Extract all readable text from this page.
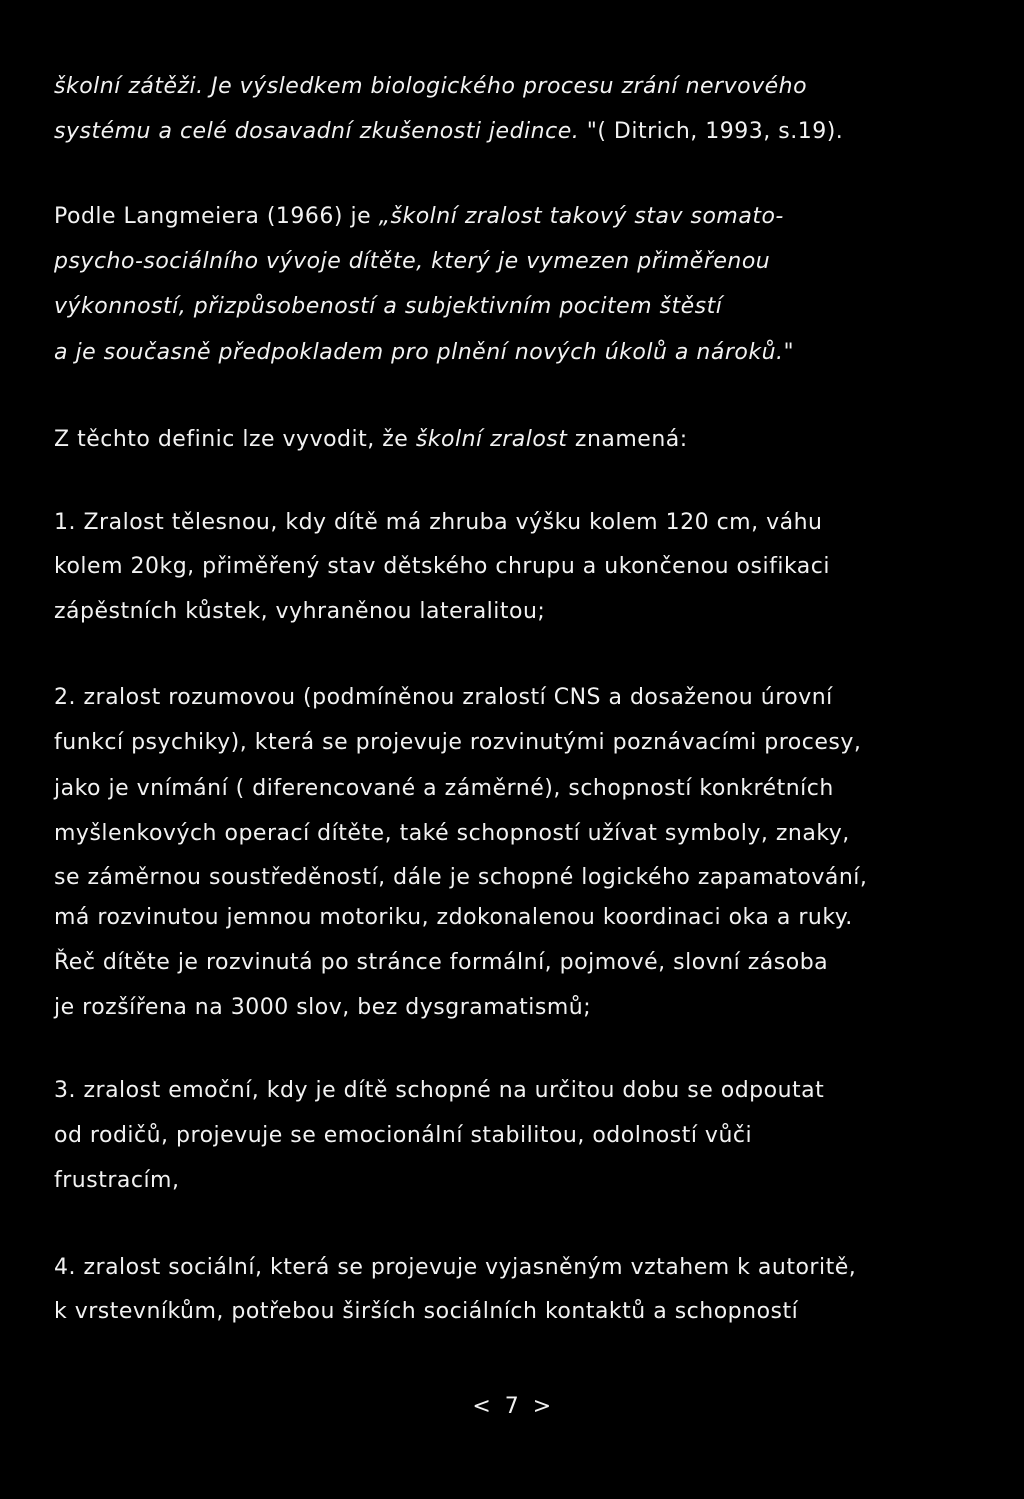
školní zátěži. Je výsledkem biologického procesu zrání nervového
systému a celé dosavadní zkušenosti jedince. "( Ditrich, 1993, s.19).
Podle Langmeiera (1966) je „školní zralost takový stav somato-
psycho-sociálního vývoje dítěte, který je vymezen přiměřenou
výkonností, přizpůsobeností a subjektivním pocitem štěstí
a je současně předpokladem pro plnění nových úkolů a nároků."
Z těchto definic lze vyvodit, že školní zralost znamená:
1. Zralost tělesnou, kdy dítě má zhruba výšku kolem 120 cm, váhu
kolem 20kg, přiměřený stav dětského chrupu a ukončenou osifikaci
zápěstních kůstek, vyhraněnou lateralitou;
2. zralost rozumovou (podmíněnou zralostí CNS a dosaženou úrovní
funkcí psychiky), která se projevuje rozvinutými poznávacími procesy,
jako je vnímání ( diferencované a záměrné), schopností konkrétních
myšlenkových operací dítěte, také schopností užívat symboly, znaky,
se záměrnou soustředěností, dále je schopné logického zapamatování,
má rozvinutou jemnou motoriku, zdokonalenou koordinaci oka a ruky.
Řeč dítěte je rozvinutá po stránce formální, pojmové, slovní zásoba
je rozšířena na 3000 slov, bez dysgramatismů;
3. zralost emoční, kdy je dítě schopné na určitou dobu se odpoutat
od rodičů, projevuje se emocionální stabilitou, odolností vůči
frustracím,
4. zralost sociální, která se projevuje vyjasněným vztahem k autoritě,
k vrstevníkům, potřebou širších sociálních kontaktů a schopností
< 7 >
